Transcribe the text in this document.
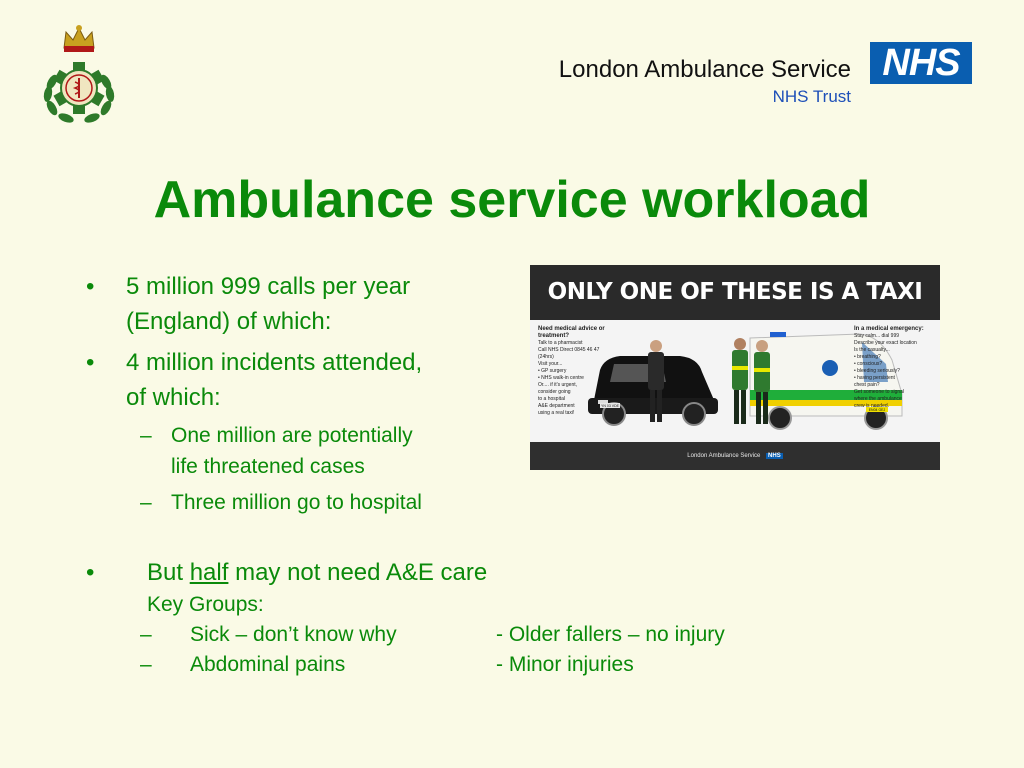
London Ambulance Service
NHS Trust
NHS
Ambulance service workload
• 5 million 999 calls per year
(England) of which:
• 4 million incidents attended,
of which:
– One million are potentially
life threatened cases
– Three million go to hospital
• But half may not need A&E care
Key Groups:
– Sick – don’t know why	- Older fallers – no injury
– Abdominal pains	- Minor injuries
ONLY ONE OF THESE IS A TAXI
YN 03 VDE
EN04 GEJ
Need medical advice or treatment?
Talk to a pharmacist
Call NHS Direct 0845 46 47 (24hrs)
Visit your...
• GP surgery
• NHS walk-in centre
Or.... if it's urgent,
consider going
to a hospital
A&E department
using a real taxi!
In a medical emergency:
Stay calm... dial 999
Describe your exact location
Is the casualty...
• breathing?
• conscious?
• bleeding seriously?
• having persistent
chest pain?
Get someone to signal
where the ambulance
crew is needed.
London Ambulance Service NHS
